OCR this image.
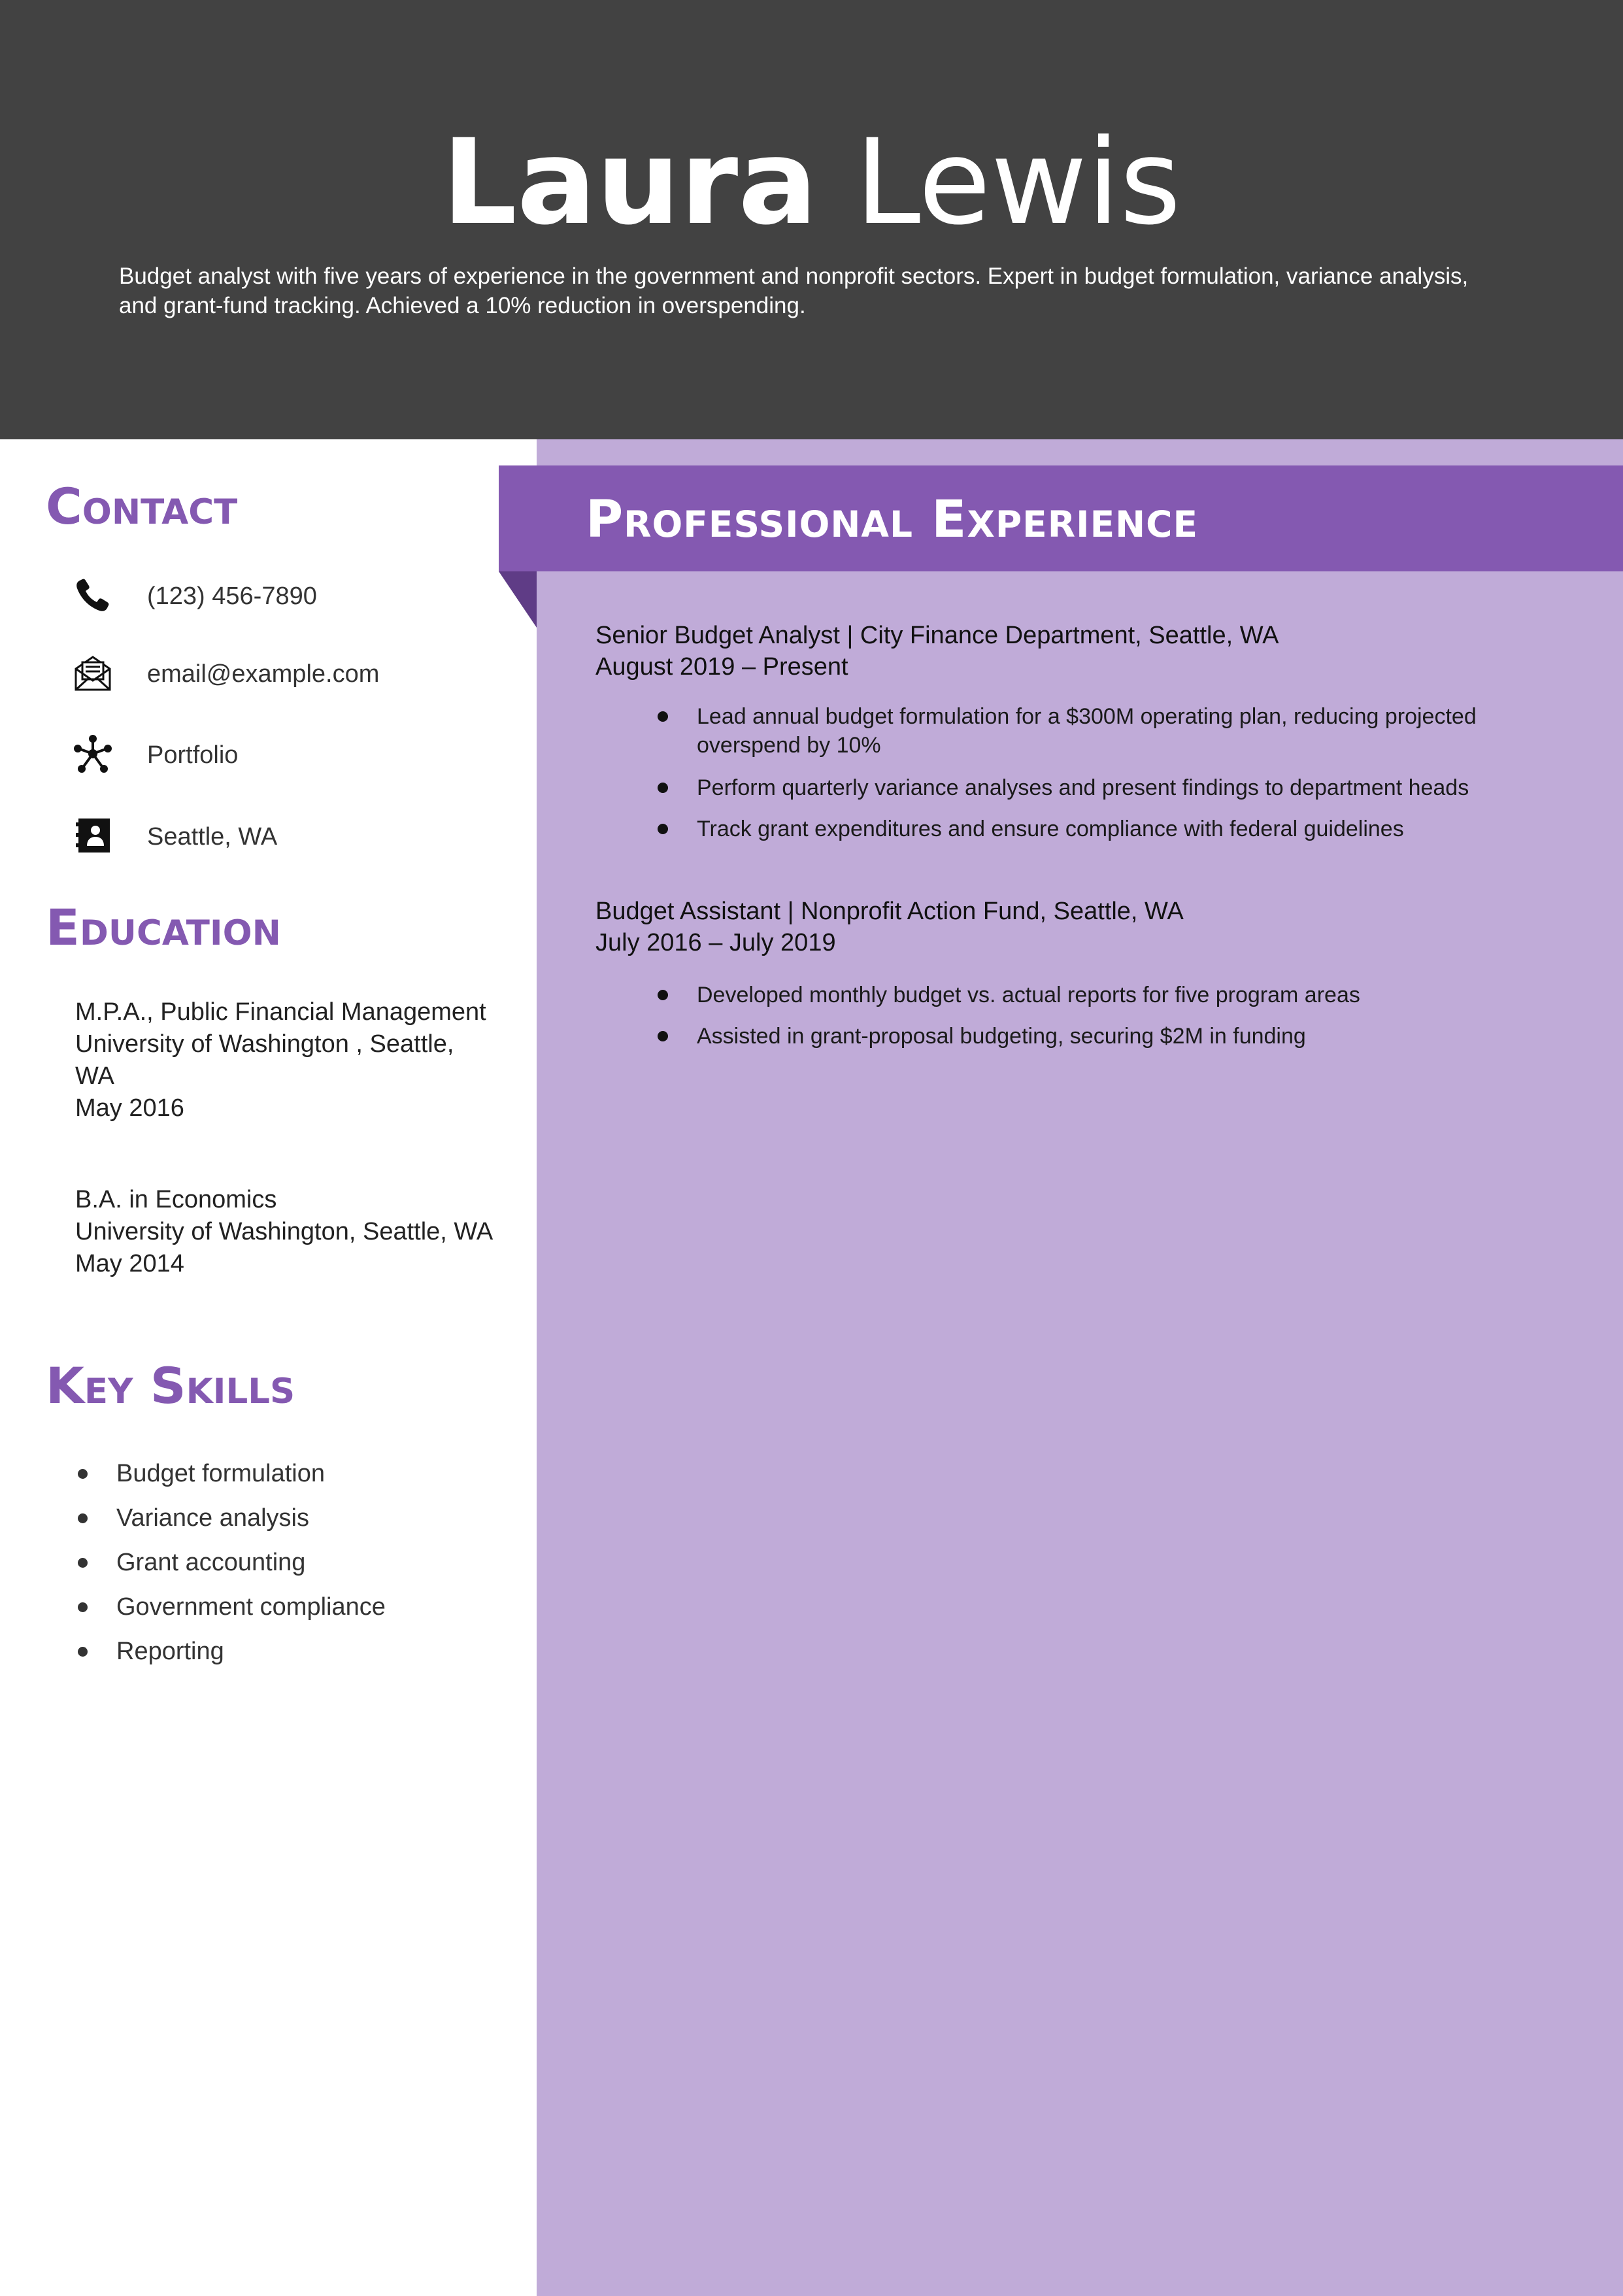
Laura Lewis
Budget analyst with five years of experience in the government and nonprofit sectors. Expert in budget formulation, variance analysis, and grant-fund tracking. Achieved a 10% reduction in overspending.
Professional Experience
Senior Budget Analyst | City Finance Department, Seattle, WA
August 2019 – Present
Lead annual budget formulation for a $300M operating plan, reducing projected overspend by 10%
Perform quarterly variance analyses and present findings to department heads
Track grant expenditures and ensure compliance with federal guidelines
Budget Assistant | Nonprofit Action Fund, Seattle, WA
July 2016 – July 2019
Developed monthly budget vs. actual reports for five program areas
Assisted in grant-proposal budgeting, securing $2M in funding
Contact
(123) 456-7890
email@example.com
Portfolio
Seattle, WA
Education
M.P.A., Public Financial Management
University of Washington , Seattle, WA
May 2016
B.A. in Economics
University of Washington, Seattle, WA
May 2014
Key Skills
Budget formulation
Variance analysis
Grant accounting
Government compliance
Reporting
